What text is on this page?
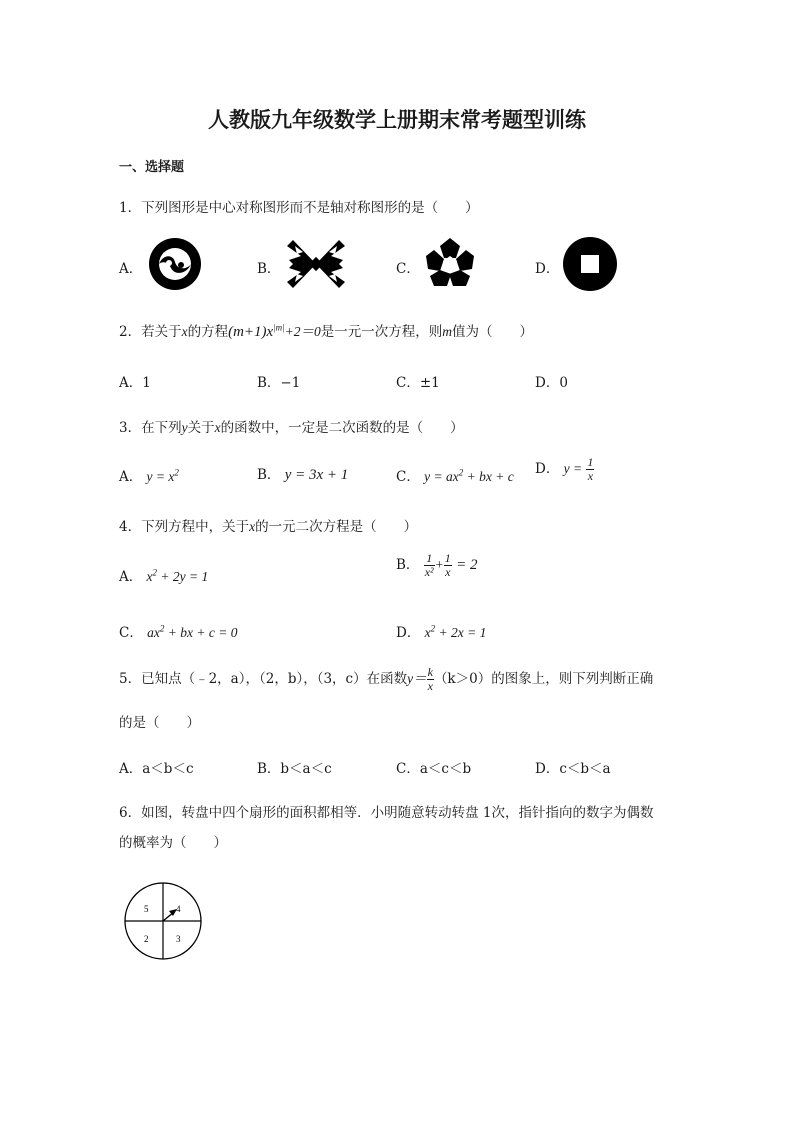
人教版九年级数学上册期末常考题型训练
一、选择题
1．下列图形是中心对称图形而不是轴对称图形的是（　　）
A．	B．	C．	D．
2．若关于x的方程$(m+1)x^{|m|}+2=0$是一元一次方程，则m值为（　　）
A．1	B．−1	C．±1	D．0
3．在下列y关于x的函数中，一定是二次函数的是（　　）
A． $y = x^2$	B． y = 3x + 1	C． $y = ax^2$ + bx + c D． $y = \frac{1}{x}$
4．下列方程中，关于x的一元二次方程是（　　）
A． $x^2 + 2y = 1$
B． $\frac{1}{\text{x²}} + \frac{1}{x} = 2$
C． $ax^2$ + bx + c = 0	D． $x^2 + 2x = 1$
5．已知点（﹣2，a），（2，b），（3，c）在函数$y= \frac{k}{x} (k>0)$的图象上，则下列判断正确
的是（　　）
A．a＜b＜c	B．b＜a＜c	C．a＜c＜b	D．c＜b＜a
6．如图，转盘中四个扇形的面积都相等．小明随意转动转盘 1次，指针指向的数字为偶数
的概率为（　　）
5	4
2	3
